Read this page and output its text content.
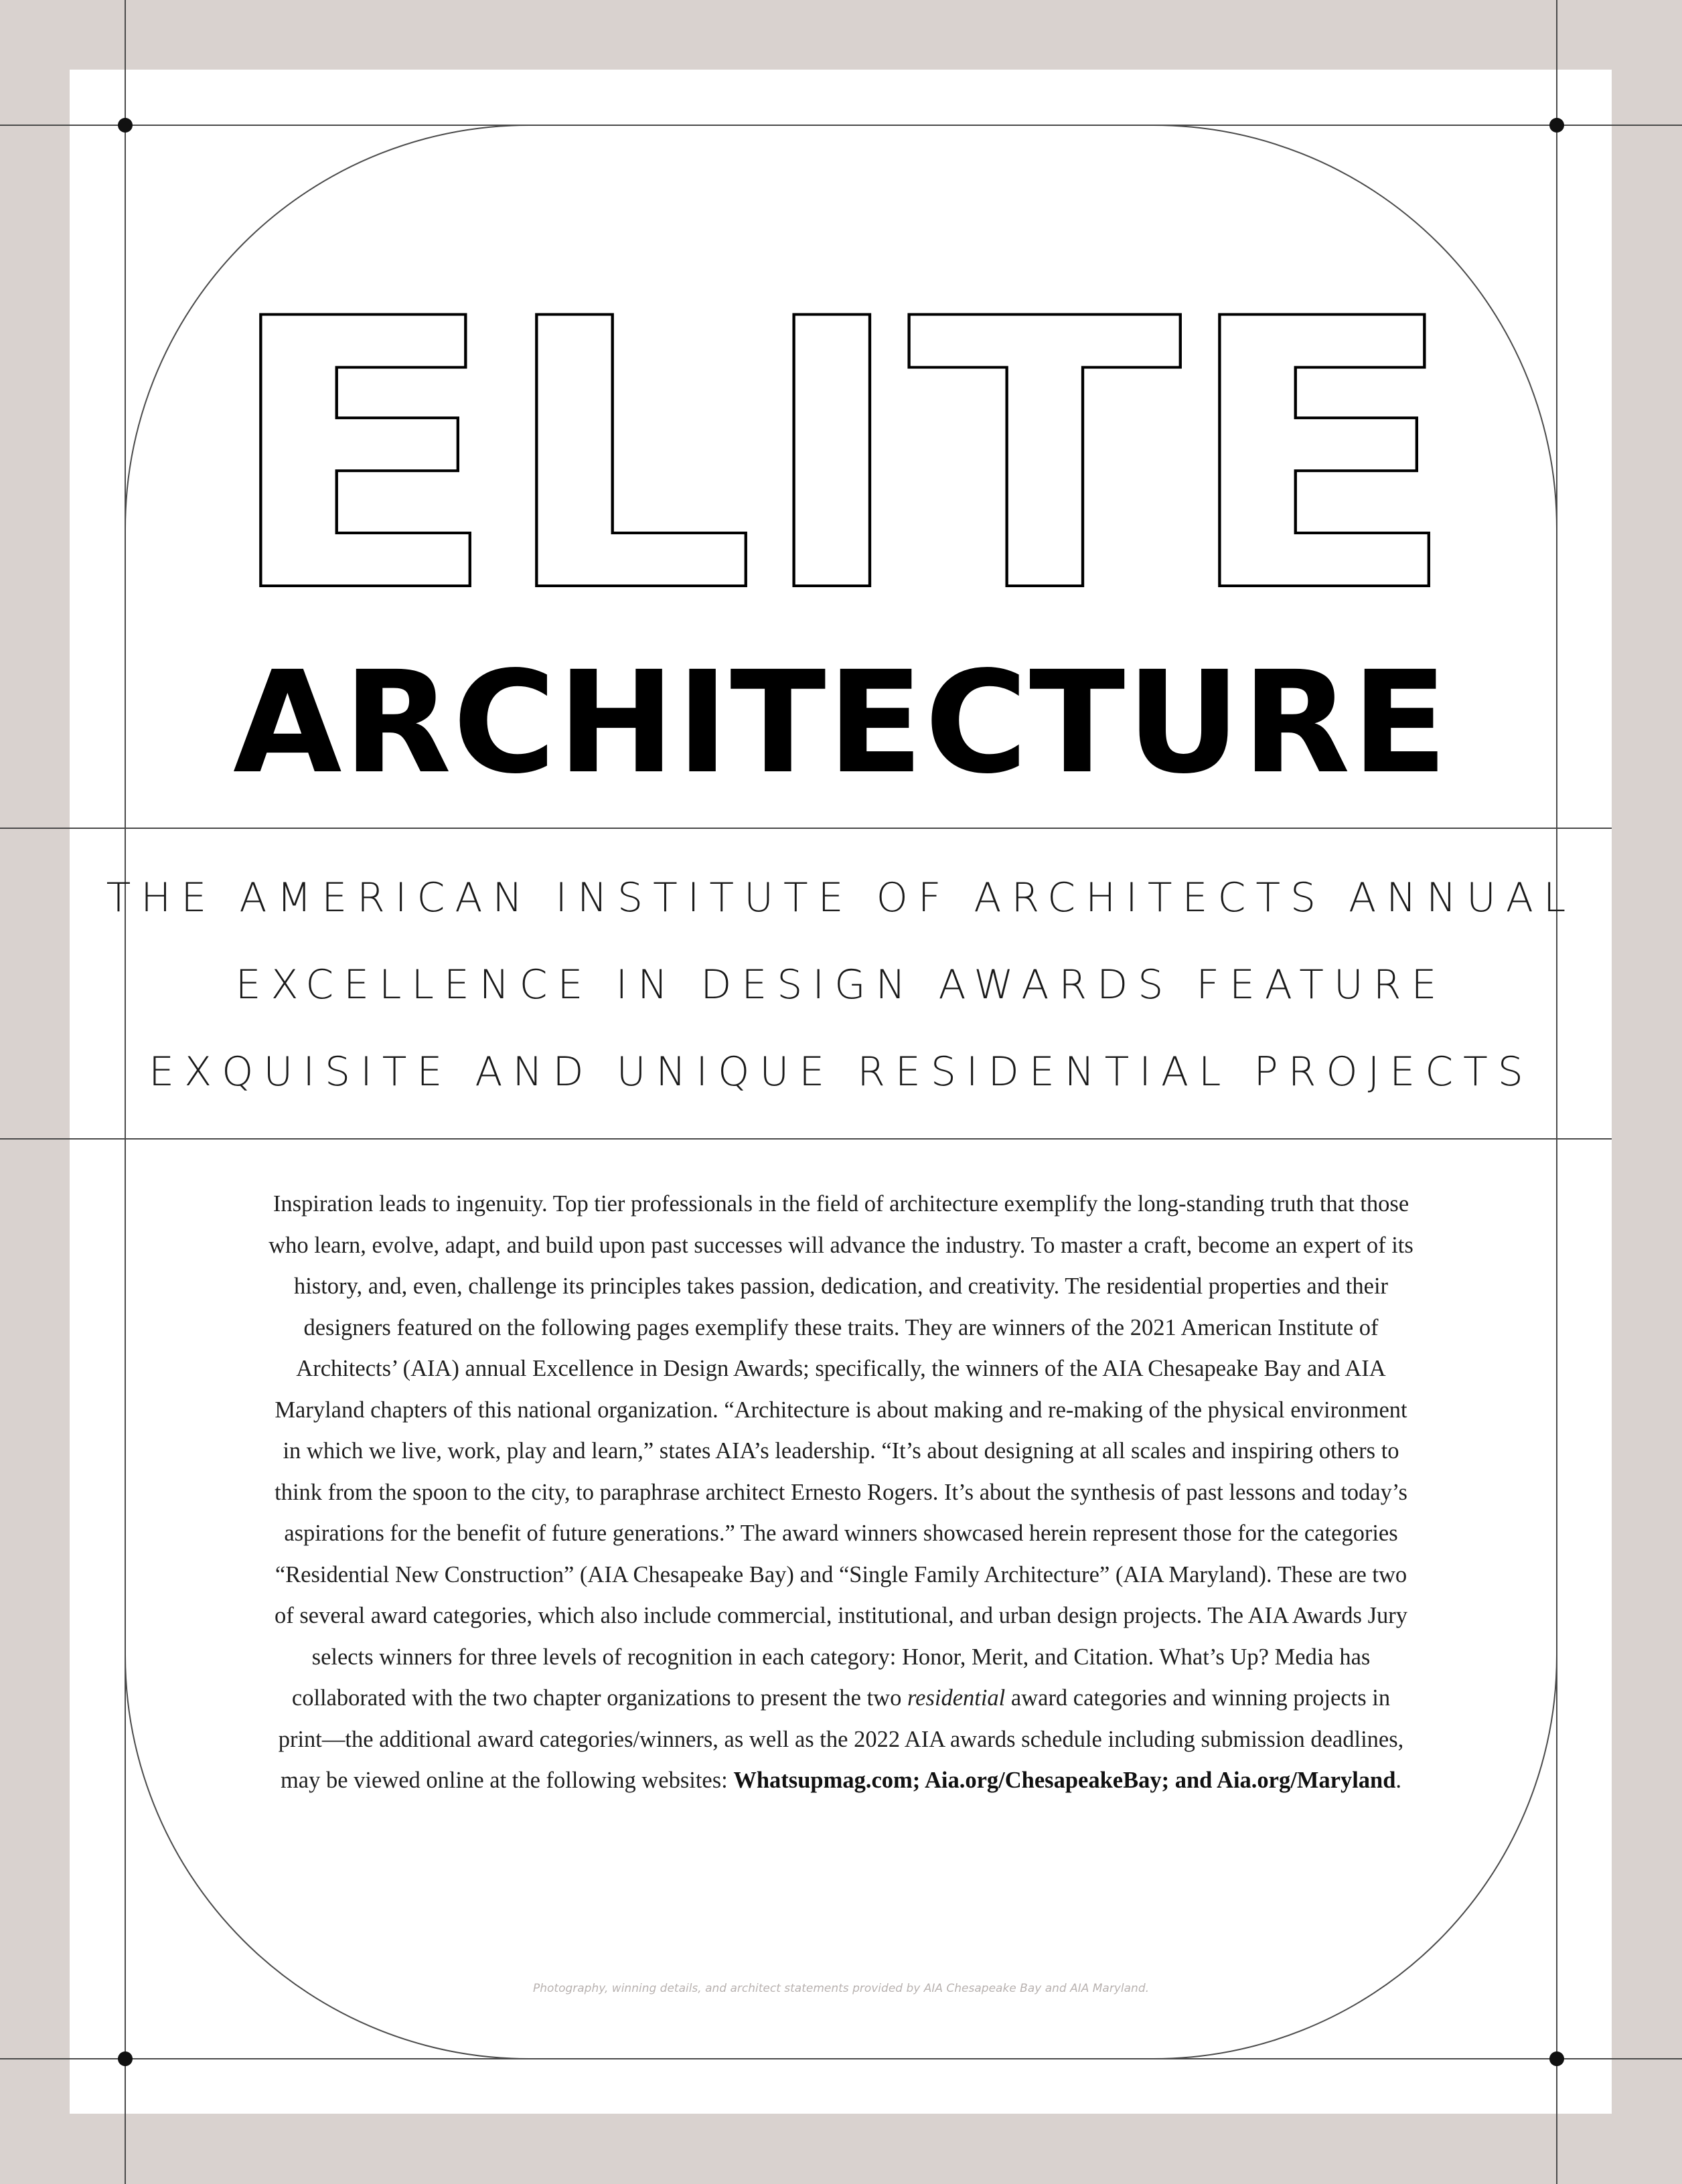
ELITE
ARCHITECTURE
THE AMERICAN INSTITUTE OF ARCHITECTS ANNUAL
EXCELLENCE IN DESIGN AWARDS FEATURE
EXQUISITE AND UNIQUE RESIDENTIAL PROJECTS

Inspiration leads to ingenuity. Top tier professionals in the field of architecture exemplify the long-standing truth that those who learn, evolve, adapt, and build upon past successes will advance the industry. To master a craft, become an expert of its history, and, even, challenge its principles takes passion, dedication, and creativity. The residential properties and their designers featured on the following pages exemplify these traits. They are winners of the 2021 American Institute of Architects’ (AIA) annual Excellence in Design Awards; specifically, the winners of the AIA Chesapeake Bay and AIA Maryland chapters of this national organization. “Architecture is about making and re-making of the physical environment in which we live, work, play and learn,” states AIA’s leadership. “It’s about designing at all scales and inspiring others to think from the spoon to the city, to paraphrase architect Ernesto Rogers. It’s about the synthesis of past lessons and today’s aspirations for the benefit of future generations.” The award winners showcased herein represent those for the categories “Residential New Construction” (AIA Chesapeake Bay) and “Single Family Architecture” (AIA Maryland). These are two of several award categories, which also include commercial, institutional, and urban design projects. The AIA Awards Jury selects winners for three levels of recognition in each category: Honor, Merit, and Citation. What’s Up? Media has collaborated with the two chapter organizations to present the two residential award categories and winning projects in print—the additional award categories/winners, as well as the 2022 AIA awards schedule including submission deadlines, may be viewed online at the following websites: Whatsupmag.com; Aia.org/ChesapeakeBay; and Aia.org/Maryland.

Photography, winning details, and architect statements provided by AIA Chesapeake Bay and AIA Maryland.
